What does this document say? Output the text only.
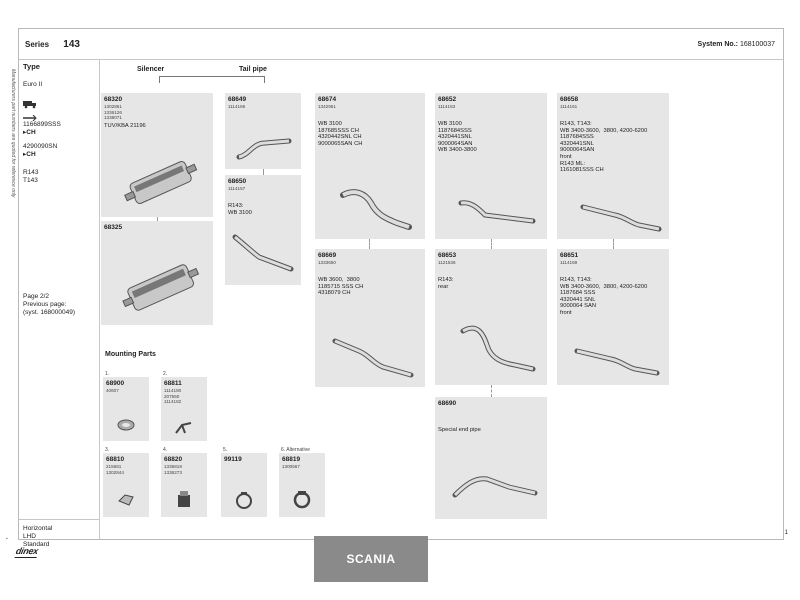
Series 143	System No.: 168100037
Manufacturers part numbers are quoted for reference only
Type
Euro II
1166899SSS
▸CH
4290090SN
▸CH
R143
T143
Page 2/2
Previous page:
(syst. 168000049)
Horizontal
LHD
Standard
Silencer	Tail pipe
68320
1302861
1336126
1338071
TUV/KBA 21196
68325
68649
1114166
68650
1114157
R143:
WB 3100
68674
1342951
WB 3100
187685SSS CH
4320442SNL CH
9000065SAN CH
68669
1333650
WB 3600,  3800
1185715 SSS CH
4318079 CH
68652
1114153
WB 3100
1187684SSS
4320441SNL
9000064SAN
WB 3400-3800
68653
1121536
R143:
rear
68658
1114161
R143, T143:
WB 3400-3600,  3800, 4200-6200
1187684SSS
4320441SNL
9000064SAN
front
R143 ML:
1161081SSS CH
68651
1114159
R143, T143:
WB 3400-3600,  3800, 4200-6200
1187684 SSS
4320441 SNL
9000064 SAN
front
68690
Special end pipe
Mounting Parts
1.
68900
40607
2.
68811
1114180
207550
1114182
3.
68810
215681
1302844
4.
68820
1336818
1336273
5.
99119
6. Alternative
68819
1300567
▪
dinex
SCANIA
1
